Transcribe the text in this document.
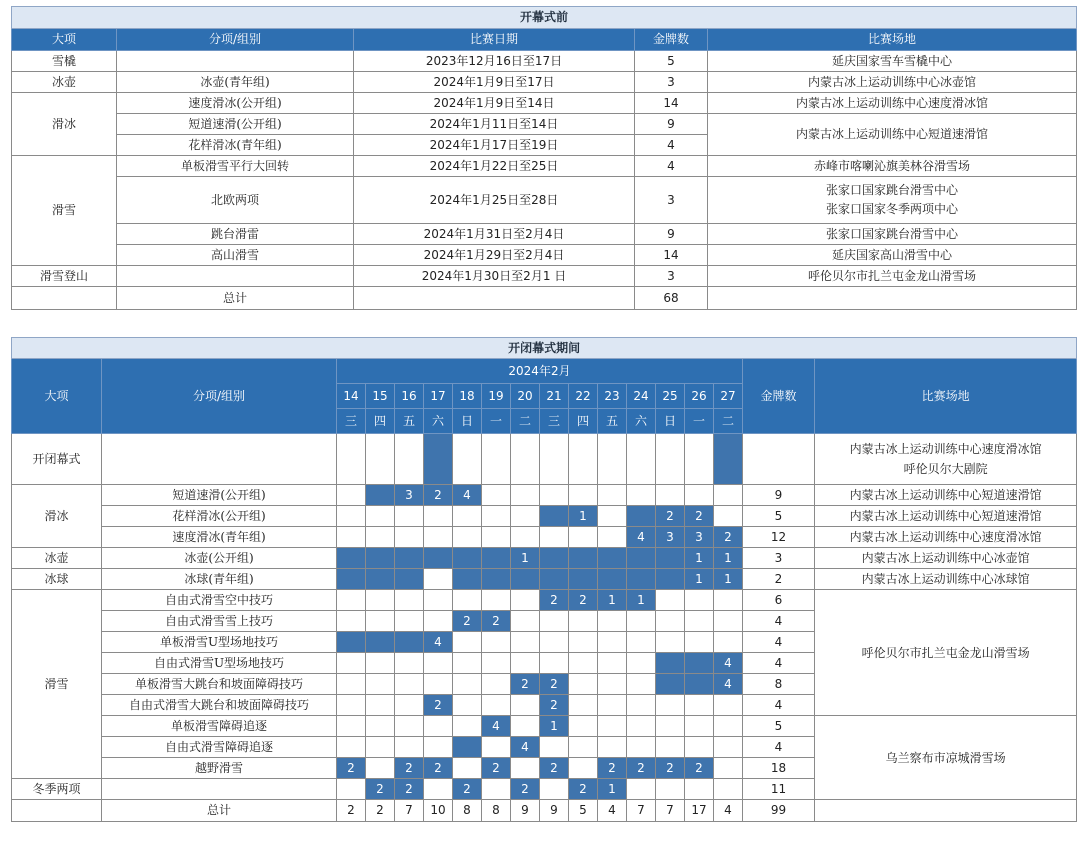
开幕式前				
大项	分项/组别	比赛日期	金牌数	比赛场地
雪橇		2023年12月16日至17日	5	延庆国家雪车雪橇中心
冰壶	冰壶(青年组)	2024年1月9日至17日	3	内蒙古冰上运动训练中心冰壶馆
滑冰	速度滑冰(公开组)	2024年1月9日至14日	14	内蒙古冰上运动训练中心速度滑冰馆
	短道速滑(公开组)	2024年1月11日至14日	9	内蒙古冰上运动训练中心短道速滑馆
	花样滑冰(青年组)	2024年1月17日至19日	4	
滑雪	单板滑雪平行大回转	2024年1月22日至25日	4	赤峰市喀喇沁旗美林谷滑雪场
	北欧两项	2024年1月25日至28日	3	张家口国家跳台滑雪中心
张家口国家冬季两项中心
	跳台滑雷	2024年1月31日至2月4日	9	张家口国家跳台滑雪中心
	高山滑雪	2024年1月29日至2月4日	14	延庆国家高山滑雪中心
滑雪登山		2024年1月30日至2月1 日	3	呼伦贝尔市扎兰屯金龙山滑雪场
	总计		68	
开闭幕式期间																	
大项	分项/组别	2024年2月														金牌数	比赛场地
		14	15	16	17	18	19	20	21	22	23	24	25	26	27		
		三	四	五	六	日	一	二	三	四	五	六	日	一	二		
开闭幕式																	内蒙古冰上运动训练中心速度滑冰馆
呼伦贝尔大剧院
滑冰	短道速滑(公开组)			3	2	4										9	内蒙古冰上运动训练中心短道速滑馆
	花样滑冰(公开组)									1			2	2		5	内蒙古冰上运动训练中心短道速滑馆
	速度滑冰(青年组)											4	3	3	2	12	内蒙古冰上运动训练中心速度滑冰馆
冰壶	冰壶(公开组)							1						1	1	3	内蒙古冰上运动训练中心冰壶馆
冰球	冰球(青年组)													1	1	2	内蒙古冰上运动训练中心冰球馆
滑雪	自由式滑雪空中技巧								2	2	1	1				6	呼伦贝尔市扎兰屯金龙山滑雪场
	自由式滑雪雪上技巧					2	2									4	
	单板滑雪U型场地技巧				4											4	
	自由式滑雪U型场地技巧														4	4	
	单板滑雪大跳台和坡面障碍技巧							2	2						4	8	
	自由式滑雪大跳台和坡面障碍技巧				2				2							4	
	单板滑雪障碍追逐						4		1							5	乌兰察布市凉城滑雪场
	自由式滑雪障碍追逐							4								4	
	越野滑雪	2		2	2		2		2		2	2	2	2		18	
冬季两项			2	2		2		2		2	1					11	
	总计	2	2	7	10	8	8	9	9	5	4	7	7	17	4	99	
